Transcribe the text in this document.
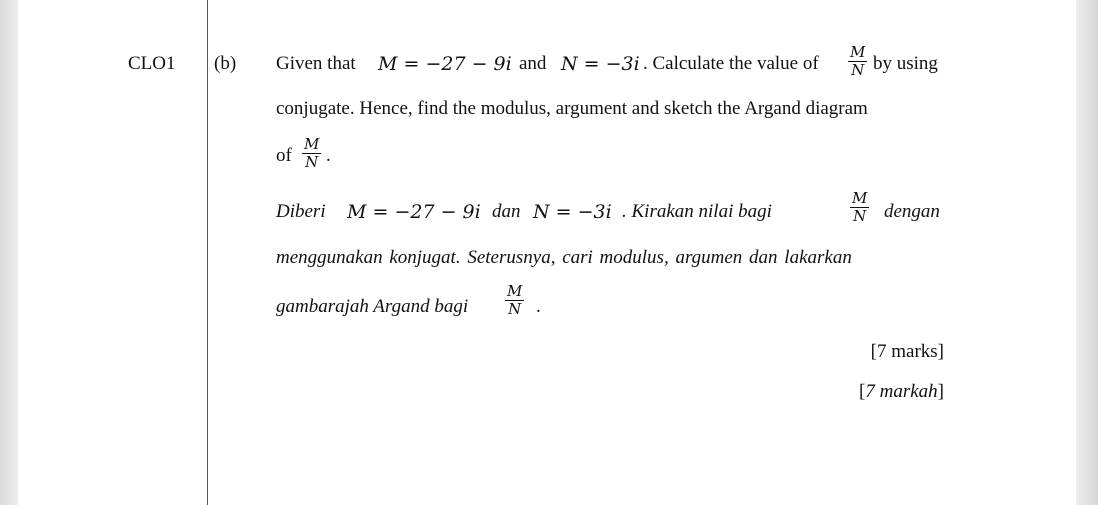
CLO1 (b) Given that M = −27 − 9i and N = −3i . Calculate the value of $\frac{M}{N}$ by using
conjugate. Hence, find the modulus, argument and sketch the Argand diagram
of $\frac{M}{N}$ .
Diberi M = −27 − 9i dan N = −3i . Kirakan nilai bagi	$\frac{M}{N}$ dengan
menggunakan konjugat. Seterusnya, cari modulus, argumen dan lakarkan
gambarajah Argand bagi $\frac{M}{N}$ .
[7 marks]
[7 markah]
